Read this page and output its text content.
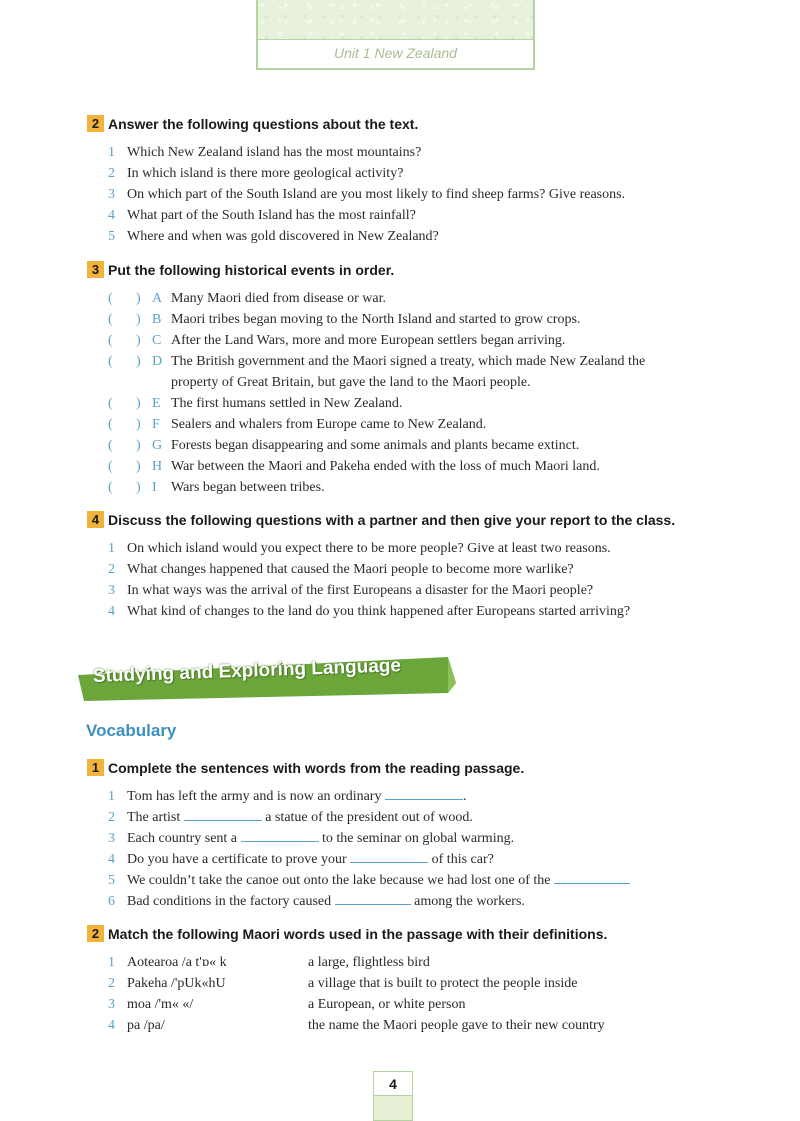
Unit 1 New Zealand
2 Answer the following questions about the text.
1 Which New Zealand island has the most mountains?
2 In which island is there more geological activity?
3 On which part of the South Island are you most likely to find sheep farms? Give reasons.
4 What part of the South Island has the most rainfall?
5 Where and when was gold discovered in New Zealand?
3 Put the following historical events in order.
( ) A Many Maori died from disease or war.
( ) B Maori tribes began moving to the North Island and started to grow crops.
( ) C After the Land Wars, more and more European settlers began arriving.
( ) D The British government and the Maori signed a treaty, which made New Zealand the
property of Great Britain, but gave the land to the Maori people.
( ) E The first humans settled in New Zealand.
( ) F Sealers and whalers from Europe came to New Zealand.
( ) G Forests began disappearing and some animals and plants became extinct.
( ) H War between the Maori and Pakeha ended with the loss of much Maori land.
( ) I Wars began between tribes.
4 Discuss the following questions with a partner and then give your report to the class.
1 On which island would you expect there to be more people? Give at least two reasons.
2 What changes happened that caused the Maori people to become more warlike?
3 In what ways was the arrival of the first Europeans a disaster for the Maori people?
4 What kind of changes to the land do you think happened after Europeans started arriving?
Studying and Exploring Language
Vocabulary
1 Complete the sentences with words from the reading passage.
1 Tom has left the army and is now an ordinary	.
2 The artist	a statue of the president out of wood.
3 Each country sent a	to the seminar on global warming.
4 Do you have a certificate to prove your	of this car?
5 We couldn’t take the canoe out onto the lake because we had lost one of the
6 Bad conditions in the factory caused	among the workers.
2 Match the following Maori words used in the passage with their definitions.
1 Aotearoa /a t'ɒ« k	a large, flightless bird
2 Pakeha /'pUk«hU	a village that is built to protect the people inside
3 moa /'m« «/	a European, or white person
4 pa /pa/	the name the Maori people gave to their new country
4
